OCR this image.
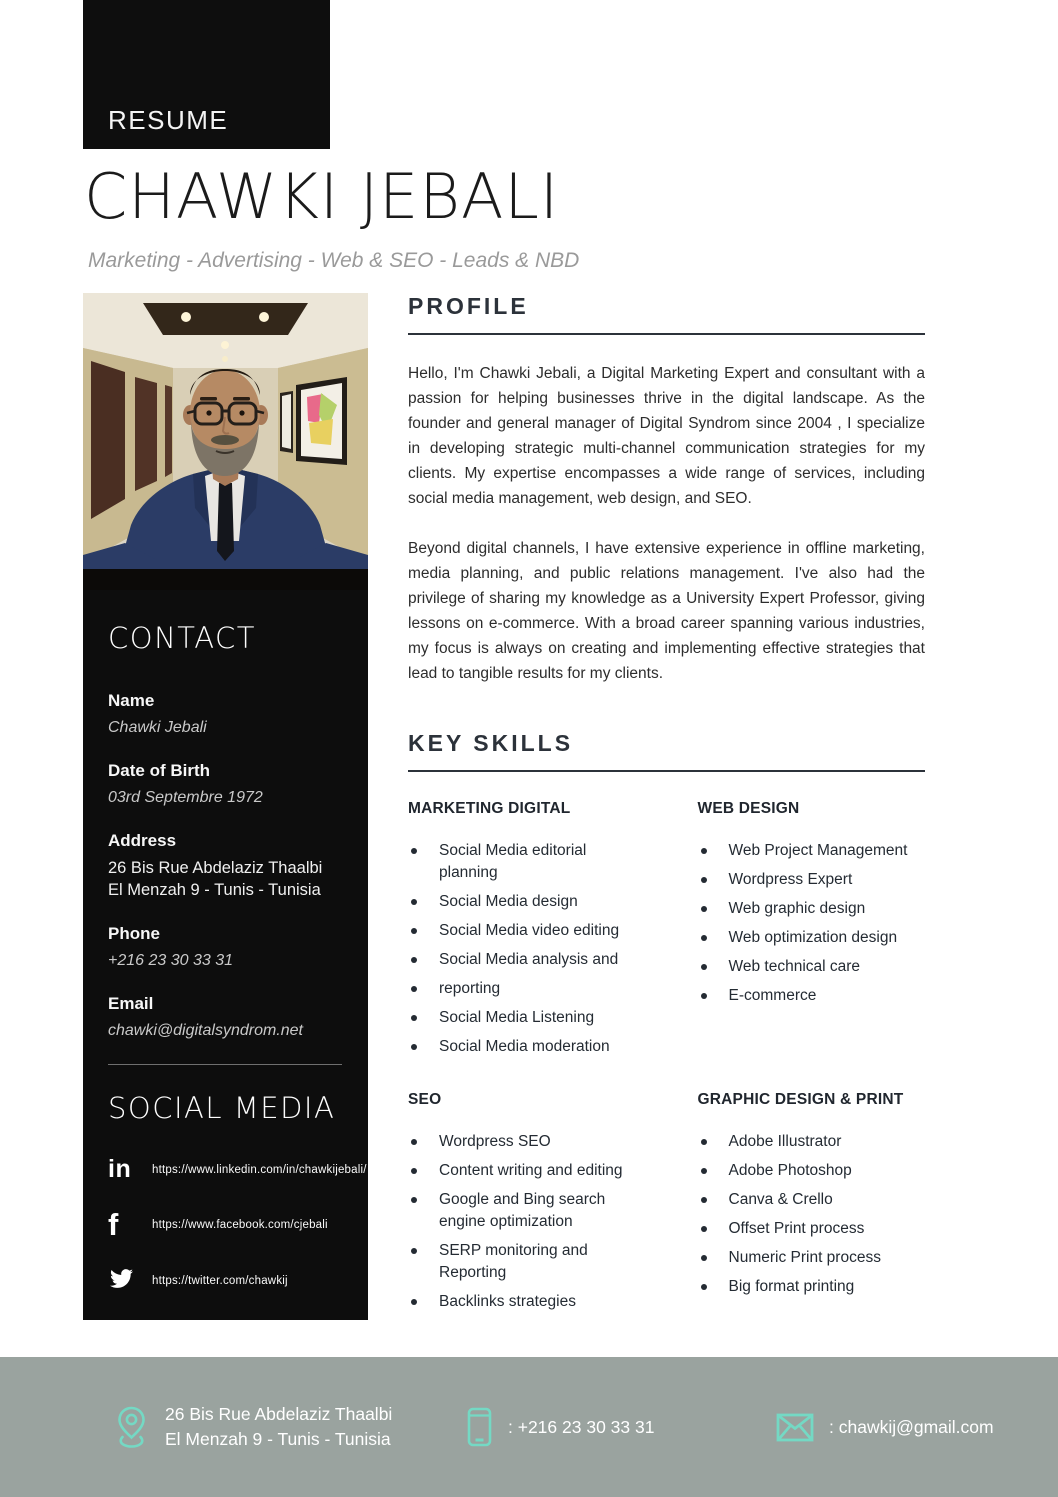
RESUME
CHAWKI JEBALI
Marketing - Advertising - Web & SEO - Leads & NBD
CONTACT
Name
Chawki Jebali
Date of Birth
03rd Septembre 1972
Address
26 Bis Rue Abdelaziz Thaalbi
El Menzah 9 - Tunis - Tunisia
Phone
+216 23 30 33 31
Email
chawki@digitalsyndrom.net
SOCIAL MEDIA
in	https://www.linkedin.com/in/chawkijebali/
f	https://www.facebook.com/cjebali
https://twitter.com/chawkij
PROFILE

Hello, I'm Chawki Jebali, a Digital Marketing Expert and consultant with a passion for helping businesses thrive in the digital landscape. As the founder and general manager of Digital Syndrom since 2004 , I specialize in developing strategic multi-channel communication strategies for my clients. My expertise encompasses a wide range of services, including social media management, web design, and SEO.

Beyond digital channels, I have extensive experience in offline marketing, media planning, and public relations management. I've also had the privilege of sharing my knowledge as a University Expert Professor, giving lessons on e-commerce. With a broad career spanning various industries, my focus is always on creating and implementing effective strategies that lead to tangible results for my clients.

KEY SKILLS
MARKETING DIGITAL
Social Media editorial planning
Social Media design
Social Media video editing
Social Media analysis and
reporting
Social Media Listening
Social Media moderation
WEB DESIGN
Web Project Management
Wordpress Expert
Web graphic design
Web optimization design
Web technical care
E-commerce
SEO
Wordpress SEO
Content writing and editing
Google and Bing search engine optimization
SERP monitoring and Reporting
Backlinks strategies
GRAPHIC DESIGN & PRINT
Adobe Illustrator
Adobe Photoshop
Canva & Crello
Offset Print process
Numeric Print process
Big format printing
26 Bis Rue Abdelaziz Thaalbi
El Menzah 9 - Tunis - Tunisia
: +216 23 30 33 31	: chawkij@gmail.com
